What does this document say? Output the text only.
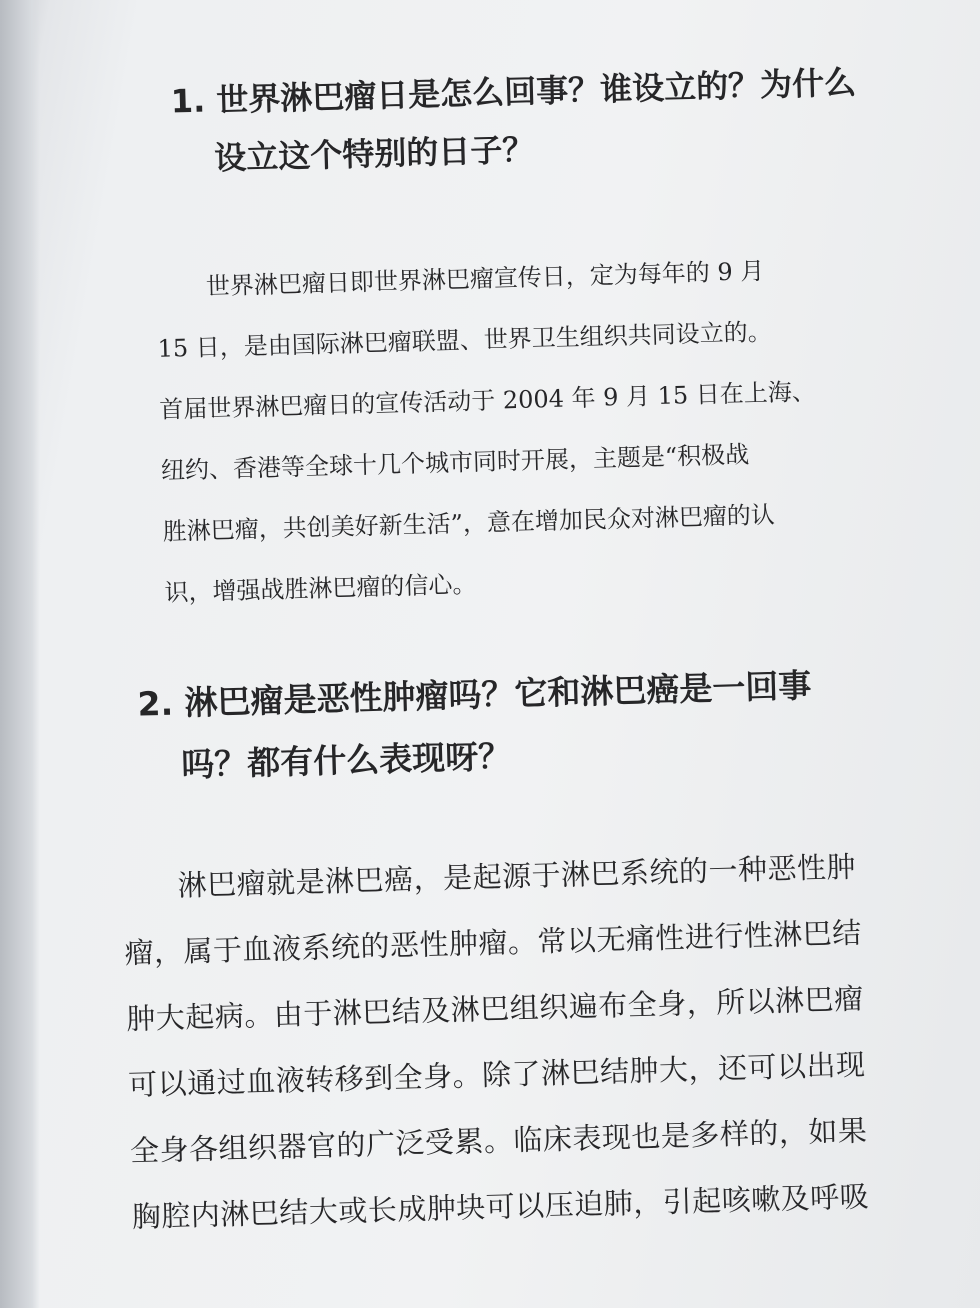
1. 世界淋巴瘤日是怎么回事？谁设立的？为什么
设立这个特别的日子？

世界淋巴瘤日即世界淋巴瘤宣传日，定为每年的 9 月
15 日，是由国际淋巴瘤联盟、世界卫生组织共同设立的。
首届世界淋巴瘤日的宣传活动于 2004 年 9 月 15 日在上海、
纽约、香港等全球十几个城市同时开展，主题是“积极战
胜淋巴瘤，共创美好新生活”，意在增加民众对淋巴瘤的认
识，增强战胜淋巴瘤的信心。

2. 淋巴瘤是恶性肿瘤吗？它和淋巴癌是一回事
吗？都有什么表现呀？

淋巴瘤就是淋巴癌，是起源于淋巴系统的一种恶性肿
瘤，属于血液系统的恶性肿瘤。常以无痛性进行性淋巴结
肿大起病。由于淋巴结及淋巴组织遍布全身，所以淋巴瘤
可以通过血液转移到全身。除了淋巴结肿大，还可以出现
全身各组织器官的广泛受累。临床表现也是多样的，如果
胸腔内淋巴结大或长成肿块可以压迫肺，引起咳嗽及呼吸
